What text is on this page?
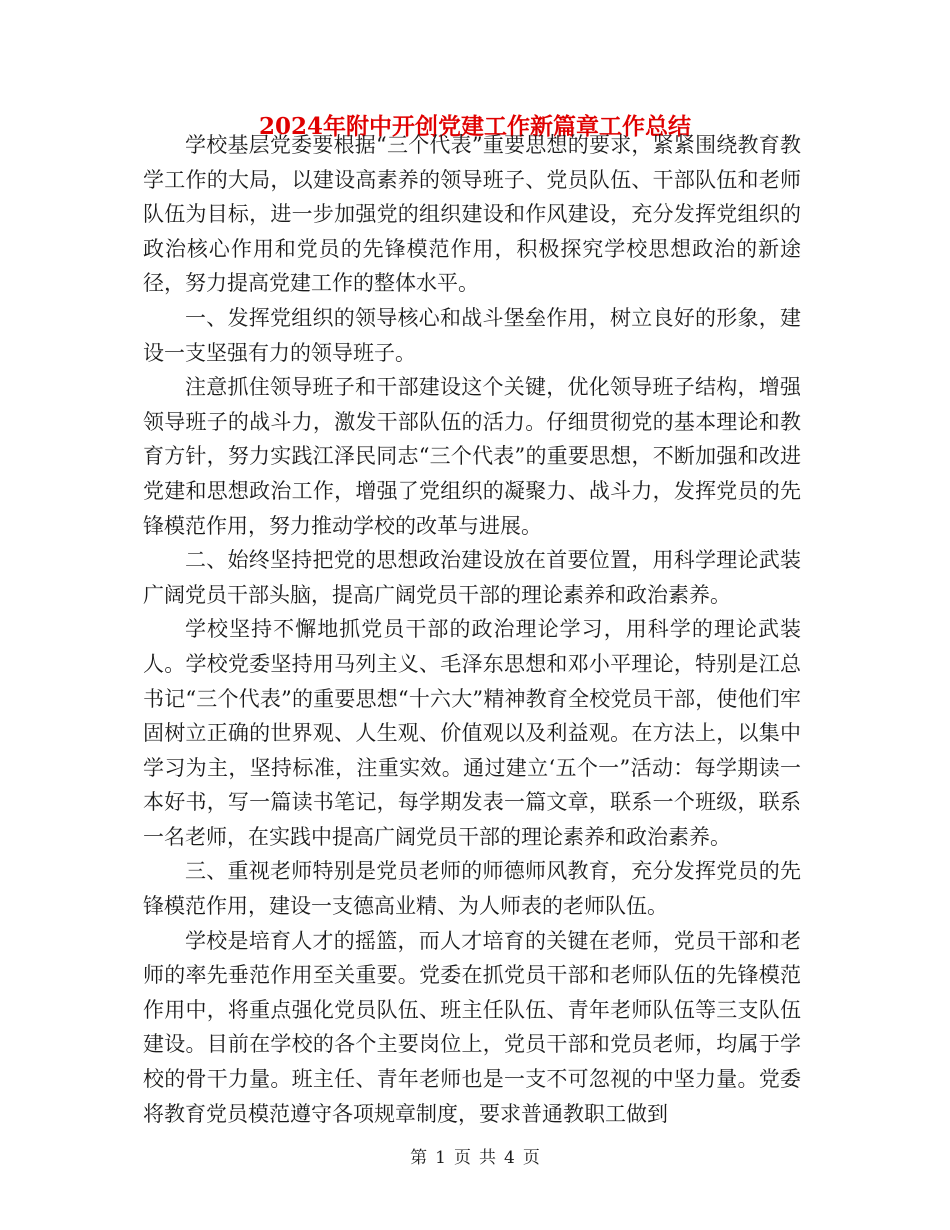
2024年附中开创党建工作新篇章工作总结

学校基层党委要根据“三个代表”重要思想的要求，紧紧围绕教育教学工作的大局，以建设高素养的领导班子、党员队伍、干部队伍和老师队伍为目标，进一步加强党的组织建设和作风建设，充分发挥党组织的政治核心作用和党员的先锋模范作用，积极探究学校思想政治的新途径，努力提高党建工作的整体水平。

一、发挥党组织的领导核心和战斗堡垒作用，树立良好的形象，建设一支坚强有力的领导班子。

注意抓住领导班子和干部建设这个关键，优化领导班子结构，增强领导班子的战斗力，激发干部队伍的活力。仔细贯彻党的基本理论和教育方针，努力实践江泽民同志“三个代表”的重要思想，不断加强和改进党建和思想政治工作，增强了党组织的凝聚力、战斗力，发挥党员的先锋模范作用，努力推动学校的改革与进展。

二、始终坚持把党的思想政治建设放在首要位置，用科学理论武装广阔党员干部头脑，提高广阔党员干部的理论素养和政治素养。

学校坚持不懈地抓党员干部的政治理论学习，用科学的理论武装人。学校党委坚持用马列主义、毛泽东思想和邓小平理论，特别是江总书记“三个代表”的重要思想“十六大”精神教育全校党员干部，使他们牢固树立正确的世界观、人生观、价值观以及利益观。在方法上，以集中学习为主，坚持标准，注重实效。通过建立‘五个一”活动：每学期读一本好书，写一篇读书笔记，每学期发表一篇文章，联系一个班级，联系一名老师，在实践中提高广阔党员干部的理论素养和政治素养。

三、重视老师特别是党员老师的师德师风教育，充分发挥党员的先锋模范作用，建设一支德高业精、为人师表的老师队伍。

学校是培育人才的摇篮，而人才培育的关键在老师，党员干部和老师的率先垂范作用至关重要。党委在抓党员干部和老师队伍的先锋模范作用中，将重点强化党员队伍、班主任队伍、青年老师队伍等三支队伍建设。目前在学校的各个主要岗位上，党员干部和党员老师，均属于学校的骨干力量。班主任、青年老师也是一支不可忽视的中坚力量。党委将教育党员模范遵守各项规章制度，要求普通教职工做到

第 1 页 共 4 页
